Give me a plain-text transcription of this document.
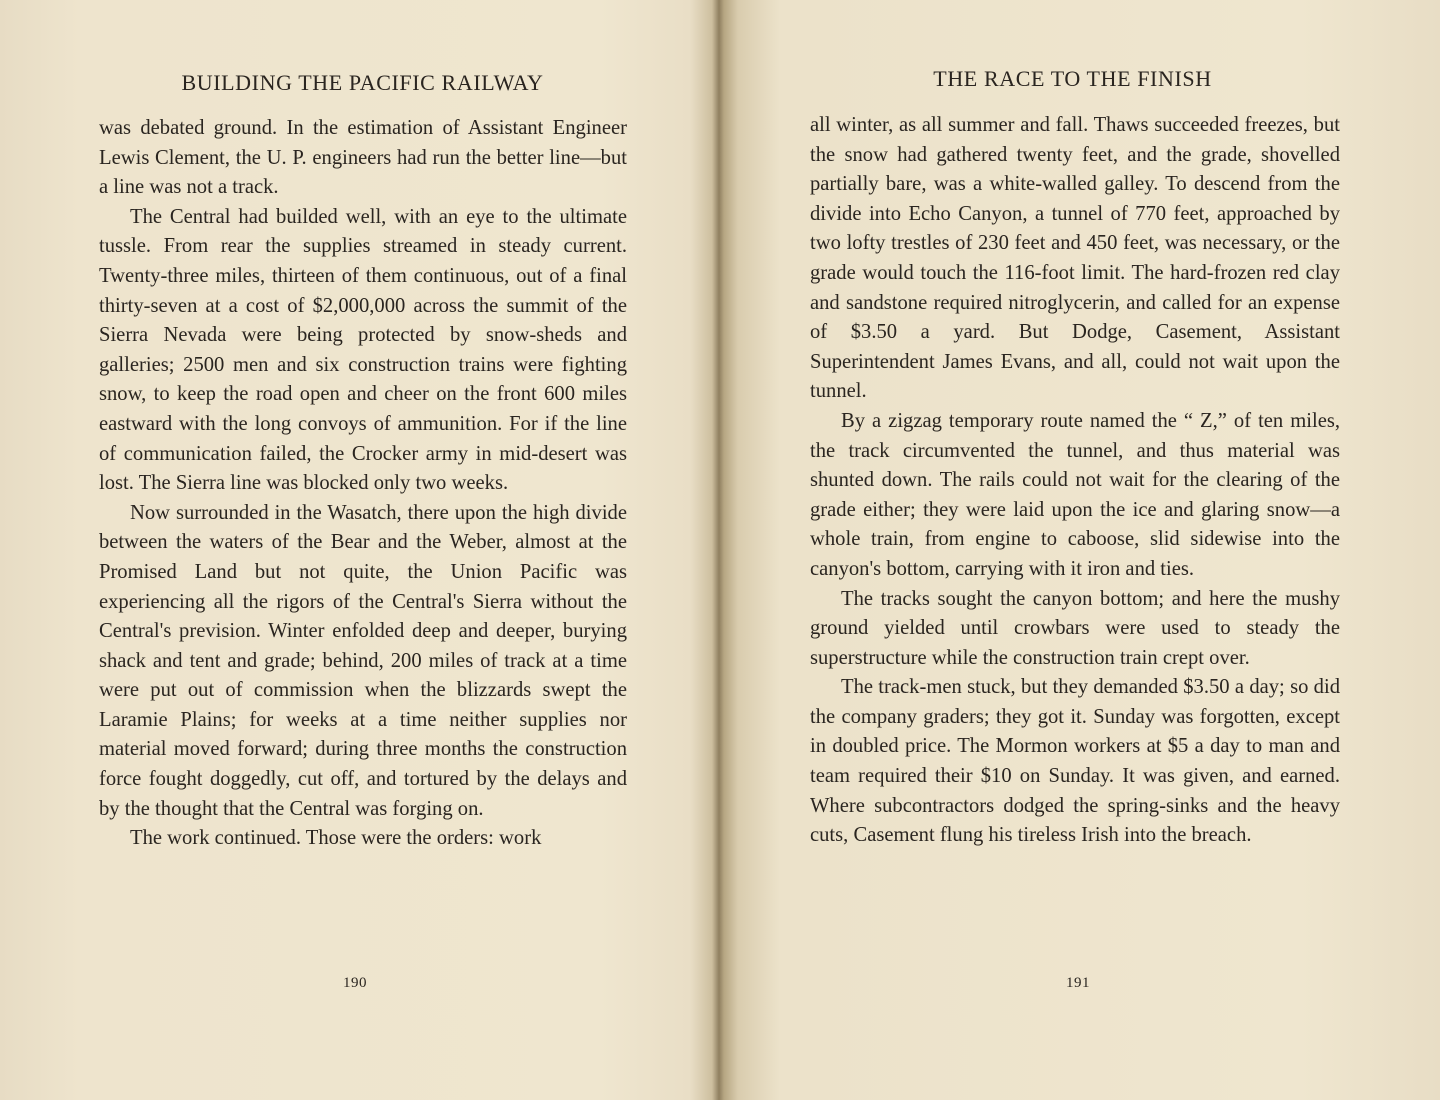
BUILDING THE PACIFIC RAILWAY

was debated ground. In the estimation of Assistant Engineer Lewis Clement, the U. P. engineers had run the better line—but a line was not a track.

The Central had builded well, with an eye to the ultimate tussle. From rear the supplies streamed in steady current. Twenty-three miles, thirteen of them continuous, out of a final thirty-seven at a cost of $2,000,000 across the summit of the Sierra Nevada were being protected by snow-sheds and galleries; 2500 men and six construction trains were fighting snow, to keep the road open and cheer on the front 600 miles eastward with the long convoys of ammunition. For if the line of communication failed, the Crocker army in mid-desert was lost. The Sierra line was blocked only two weeks.

Now surrounded in the Wasatch, there upon the high divide between the waters of the Bear and the Weber, almost at the Promised Land but not quite, the Union Pacific was experiencing all the rigors of the Central's Sierra without the Central's prevision. Winter enfolded deep and deeper, burying shack and tent and grade; behind, 200 miles of track at a time were put out of commission when the blizzards swept the Laramie Plains; for weeks at a time neither supplies nor material moved forward; during three months the construction force fought doggedly, cut off, and tortured by the delays and by the thought that the Central was forging on.

The work continued. Those were the orders: work

190

THE RACE TO THE FINISH

all winter, as all summer and fall. Thaws succeeded freezes, but the snow had gathered twenty feet, and the grade, shovelled partially bare, was a white-walled galley. To descend from the divide into Echo Canyon, a tunnel of 770 feet, approached by two lofty trestles of 230 feet and 450 feet, was necessary, or the grade would touch the 116-foot limit. The hard-frozen red clay and sandstone required nitroglycerin, and called for an expense of $3.50 a yard. But Dodge, Casement, Assistant Superintendent James Evans, and all, could not wait upon the tunnel.

By a zigzag temporary route named the “ Z,” of ten miles, the track circumvented the tunnel, and thus material was shunted down. The rails could not wait for the clearing of the grade either; they were laid upon the ice and glaring snow—a whole train, from engine to caboose, slid sidewise into the canyon's bottom, carrying with it iron and ties.

The tracks sought the canyon bottom; and here the mushy ground yielded until crowbars were used to steady the superstructure while the construction train crept over.

The track-men stuck, but they demanded $3.50 a day; so did the company graders; they got it. Sunday was forgotten, except in doubled price. The Mormon workers at $5 a day to man and team required their $10 on Sunday. It was given, and earned. Where subcontractors dodged the spring-sinks and the heavy cuts, Casement flung his tireless Irish into the breach.

191
